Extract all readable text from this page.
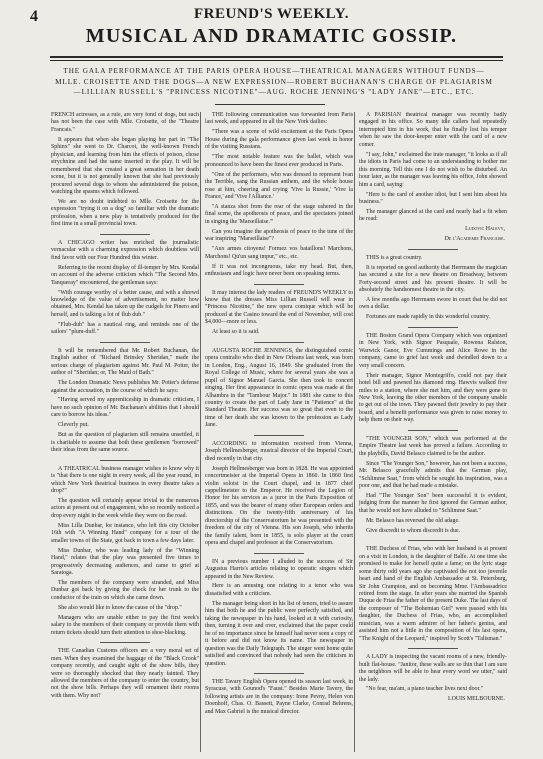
4	FREUND'S WEEKLY.
MUSICAL AND DRAMATIC GOSSIP.
THE GALA PERFORMANCE AT THE PARIS OPERA HOUSE—THEATRICAL MANAGERS WITHOUT FUNDS—MLLE. CROISETTE AND THE DOGS—A NEW EXPRESSION—ROBERT BUCHANAN'S CHARGE OF PLAGIARISM—LILLIAN RUSSELL'S "PRINCESS NICOTINE"—AUG. ROCHE JENNING'S "LADY JANE"—ETC., ETC.

FRENCH actresses, as a rule, are very fond of dogs, but such has not been the case with Mlle. Croisette, of the "Theatre Francais."

It appears that when she began playing her part in "The Sphinx" she went to Dr. Charcot, the well-known French physician, and learning from him the effects of poison, chose strychnine and had the same inserted in the play. It will be remembered that she created a great sensation in her death scene, but it is not generally known that she had previously procured several dogs to whom she administered the poison, watching the spasms which followed.

We are no doubt indebted to Mlle. Croisette for the expression "trying it on a dog" so familiar with the dramatic profession, when a new play is tentatively produced for the first time in a small provincial town.

A CHICAGO writer has enriched the journalistic vernacular with a charming expression which doubtless will find favor with our Four Hundred this winter.

Referring to the recent display of ill-temper by Mrs. Kendal on account of the adverse criticism which "The Second Mrs. Tanqueray" encountered, the gentleman says:

"With courage worthy of a better cause, and with a shrewd knowledge of the value of advertisement, no matter how obtained, Mrs. Kendal has taken up the cudgels for Pinero and herself, and is talking a lot of flub dub."

"Flub-dub" has a nautical ring, and reminds one of the sailors' "plum-duff."

It will be remembered that Mr. Robert Buchanan, the English author of "Richard Brinsley Sheridan," made the serious charge of plagiarism against Mr. Paul M. Potter, the author of "Sheridan; or, The Maid of Bath."

The London Dramatic News publishes Mr. Potter's defense against the accusation, in the course of which he says:

"Having served my apprenticeship in dramatic criticism, I have no such opinion of Mr. Buchanan's abilities that I should care to borrow his ideas."

Cleverly put.

But as the question of plagiarism still remains unsettled, it is charitable to assume that both these gentlemen "borrowed" their ideas from the same source.

A THEATRICAL business manager wishes to know why it is "that there is one night in every week, all the year round, in which New York theatrical business in every theatre takes a drop?"

The question will certainly appear trivial to the numerous actors at present out of engagement, who so recently noticed a drop every night in the week while they were on the road.

Miss Lilla Dunbar, for instance, who left this city October 16th with "A Winning Hand" company for a tour of the smaller towns of the State, got back to town a few days later.

Miss Dunbar, who was leading lady of the "Winning Hand," relates that the play was presented five times to progressively decreasing audiences, and came to grief at Saratoga.

The members of the company were stranded, and Miss Dunbar got back by giving the check for her trunk to the conductor of the train on which she came down.

She also would like to know the cause of the "drop."

Managers who are unable either to pay the first week's salary to the members of their company or provide them with return tickets should turn their attention to shoe-blacking.

THE Canadian Customs officers are a very moral set of men. When they examined the baggage of the "Black Crook" company recently, and caught sight of the show bills, they were so thoroughly shocked that they nearly fainted. They allowed the members of the company to enter the country, but not the show bills. Perhaps they will ornament their rooms with them. Why not?

THE following communication was forwarded from Paris last week, and appeared in all the New York dailies:

"There was a scene of wild excitement at the Paris Opera House during the gala performance given last week in honor of the visiting Russians.

"The most notable feature was the ballet, which was pronounced to have been the finest ever produced in Paris.

"One of the performers, who was dressed to represent Ivan the Terrible, sang the Russian anthem, and the whole house rose at him, cheering and crying 'Vive la Russie,' 'Vive la France,' and 'Vive l'Alliance.'

"A stanza shot from the rear of the stage ushered in the final scene, the apotheosis of peace, and the spectators joined in singing the 'Marseillaise.'"

Can you imagine the apotheosis of peace to the tune of the war inspiring "Marseillaise"?

"Aux armes citoyens! Formez vos bataillons! Marchons, Marchons! Qu'un sang impur," etc., etc.

If it was not incongruous, take my head. But, then, enthusiasm and logic have never been on speaking terms.

It may interest the lady readers of FREUND'S WEEKLY to know that the dresses Miss Lillian Russell will wear in "Princess Nicotine," the new opera comique which will be produced at the Casino toward the end of November, will cost $4,000—more or less.

At least so it is said.

AUGUSTA ROCHE JENNINGS, the distinguished comic opera contralto who died in New Orleans last week, was born in London, Eng., August 16, 1849. She graduated from the Royal College of Music, where for several years she was a pupil of Signor Manuel Garcia. She then took to concert singing. Her first appearance in comic opera was made at the Alhambra in the "Tambour Major." In 1881 she came to this country to create the part of Lady Jane in "Patience" at the Standard Theatre. Her success was so great that even to the time of her death she was known to the profession as Lady Jane.

ACCORDING to information received from Vienna, Joseph Hellmesberger, musical director of the Imperial Court, died recently in that city.

Joseph Hellmesberger was born in 1828. He was appointed concertmeister at the Imperial Opera in 1860. In 1860 first violin soloist in the Court chapel, and in 1877 chief cappellmeister to the Emperor. He received the Legion of Honor for his services as a juror in the Paris Exposition of 1855, and was the bearer of many other European orders and distinctions. On the twenty-fifth anniversary of his directorship of the Conservatorium he was presented with the freedom of the city of Vienna. His son Joseph, who inherits the family talent, born in 1855, is solo player at the court opera and chapel and professor at the Conservatorium.

IN a previous number I alluded to the success of Sir Augustus Harris's articles relating to operatic singers which appeared in the New Review.

Here is an amusing one relating to a tenor who was dissatisfied with a criticism.

The manager being short in his list of tenors, tried to assure him that both he and the public were perfectly satisfied, and taking the newspaper in his hand, looked at it with curiosity, then, turning it over and over, exclaimed that the paper could be of no importance since he himself had never seen a copy of it before and did not know its name. The newspaper in question was the Daily Telegraph. The singer went home quite satisfied and convinced that nobody had seen the criticism in question.

THE Tavary English Opera opened its season last week, in Syracuse, with Gounod's "Faust." Besides Marie Tavery, the following artists are in the company: Irene Pevny, Helen von Doenhoff, Chas. O. Bassett, Payne Clarke, Conrad Behrens, and Max Gabriel is the musical director.

A PARISIAN theatrical manager was recently badly engaged in his office. So many idle callers had repeatedly interrupted him in his work, that he finally lost his temper when he saw the door-keeper enter with the card of a new comer.

"I say, John," exclaimed the irate manager, "it looks as if all the idiots in Paris had come to an understanding to bother me this morning. Tell this one I do not wish to be disturbed. An hour later, as the manager was leaving his office, John showed him a card, saying:

"Here is the card of another idiot, but I sent him about his business."

The manager glanced at the card and nearly had a fit when he read:

Ludovic Halevy,

De l'Academie Francaise.

THIS is a great country.

It is reported on good authority that Herrmann the magician has secured a site for a new theatre on Broadway, between Forty-second street and his present theatre. It will be absolutely the handsomest theatre in the city.

A few months ago Herrmann swore in court that he did not own a dollar.

Fortunes are made rapidly in this wonderful country.

THE Boston Grand Opera Company which was organized in New York, with Signor Pasquale, Rowena Ralston, Warwick Ganor, Eve Cummings and Alice Rowe in the company, came to grief last week and dwindled down to a very small concern.

Their manager, Signor Montegriffo, could not pay their hotel bill and pawned his diamond ring. Hawvis walked five miles to a station, where she met him, and they were gone to New York, leaving the other members of the company unable to get out of the town. They pawned their jewelry to pay their board, and a benefit performance was given to raise money to help them on their way.

"THE YOUNGER SON," which was performed at the Empire Theatre last week has proved a failure. According to the playbills, David Belasco claimed to be the author.

Since "The Younger Son," however, has not been a success, Mr. Belasco gracefully admits that the German play, "Schlimme Saat," from which he sought his inspiration, was a poor one, and that he had made a mistake.

Had "The Younger Son" been successful it is evident, judging from the manner he first ignored the German author, that he would not have alluded to "Schlimme Saat."

Mr. Belasco has reversed the old adage.

Give discredit to whom discredit is due.

THE Duchess of Frias, who with her husband is at present on a visit in London, is the daughter of Balfe. At one time she promised to make for herself quite a fame; on the lyric stage some thirty odd years ago she captivated the not too juvenile heart and hand of the English Ambassador at St. Petersburg, Sir John Crampton, and on becoming Mme. l'Ambassadrice retired from the stage. In after years she married the Spanish Duque de Frias the father of the present Duke. The last days of the composer of "The Bohemian Girl" were passed with his daughter, the Duchess of Frias, who, an accomplished musician, was a warm admirer of her father's genius, and assisted him not a little in the composition of his last opera, "The Knight of the Leopard," inspired by Scott's "Talisman."

A LADY is inspecting the vacant rooms of a new, friendly-built flat-house. "Janitor, these walls are so thin that I am sure the neighbors will be able to hear every word we utter," said the lady.

"No fear, ma'am, a piano teacher lives next door."

LOUIS MELBOURNE.
